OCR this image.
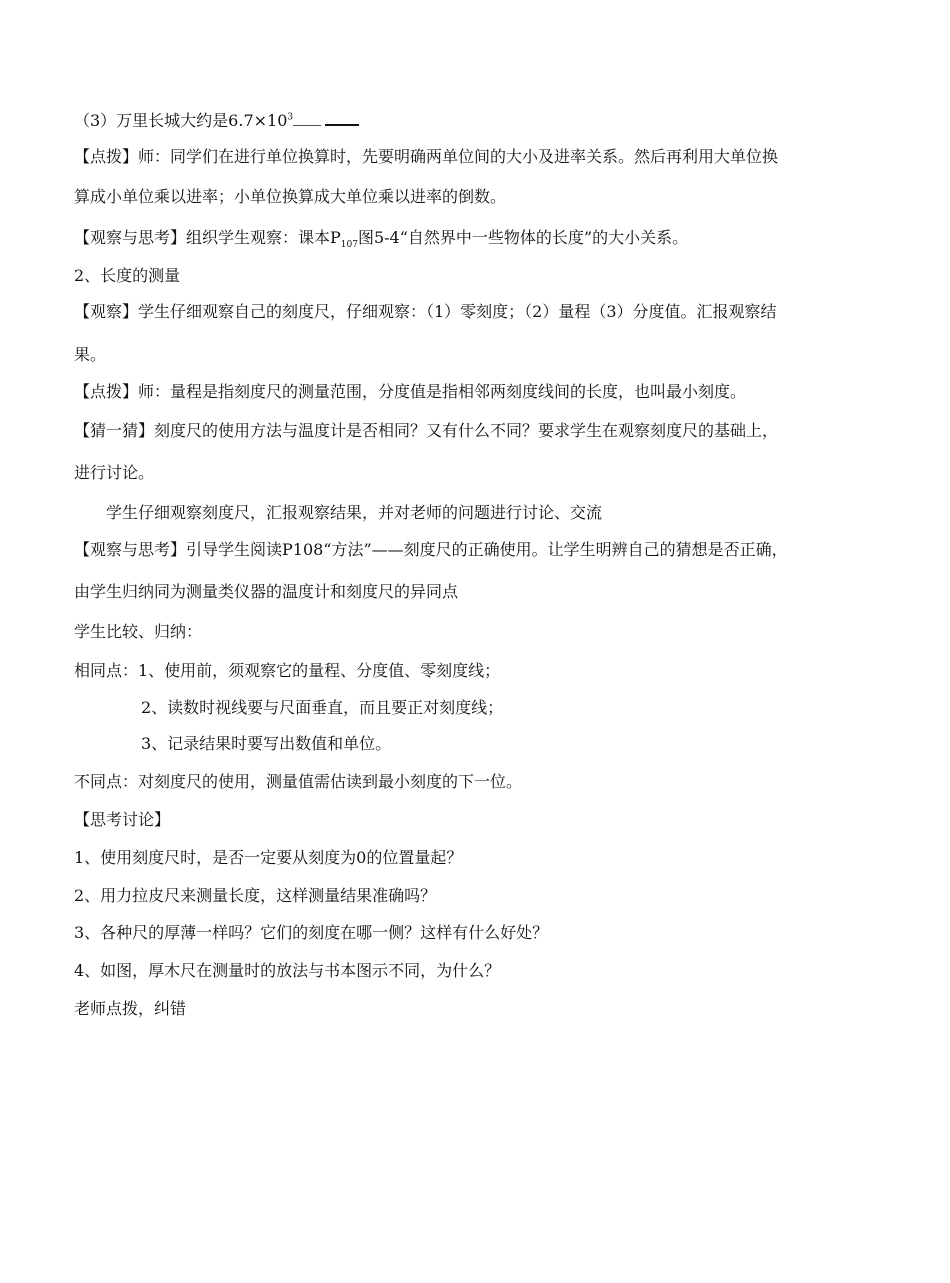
（3）万里长城大约是$6.7\times 10^3$
【点拨】师：同学们在进行单位换算时，先要明确两单位间的大小及进率关系。然后再利用大单位换
算成小单位乘以进率；小单位换算成大单位乘以进率的倒数。
【观察与思考】组织学生观察：课本$P_{107}$图5-4“自然界中一些物体的长度”的大小关系。
2、长度的测量
【观察】学生仔细观察自己的刻度尺，仔细观察：（1）零刻度；（2）量程（3）分度值。汇报观察结
果。
【点拨】师：量程是指刻度尺的测量范围，分度值是指相邻两刻度线间的长度，也叫最小刻度。
【猜一猜】刻度尺的使用方法与温度计是否相同？又有什么不同？要求学生在观察刻度尺的基础上，
进行讨论。
学生仔细观察刻度尺，汇报观察结果，并对老师的问题进行讨论、交流
【观察与思考】引导学生阅读P108“方法”——刻度尺的正确使用。让学生明辨自己的猜想是否正确，
由学生归纳同为测量类仪器的温度计和刻度尺的异同点
学生比较、归纳：
相同点：1、使用前，须观察它的量程、分度值、零刻度线；
2、读数时视线要与尺面垂直，而且要正对刻度线；
3、记录结果时要写出数值和单位。
不同点：对刻度尺的使用，测量值需估读到最小刻度的下一位。
【思考讨论】
1、使用刻度尺时，是否一定要从刻度为0的位置量起？
2、用力拉皮尺来测量长度，这样测量结果准确吗？
3、各种尺的厚薄一样吗？它们的刻度在哪一侧？这样有什么好处？
4、如图，厚木尺在测量时的放法与书本图示不同，为什么？
老师点拨，纠错
